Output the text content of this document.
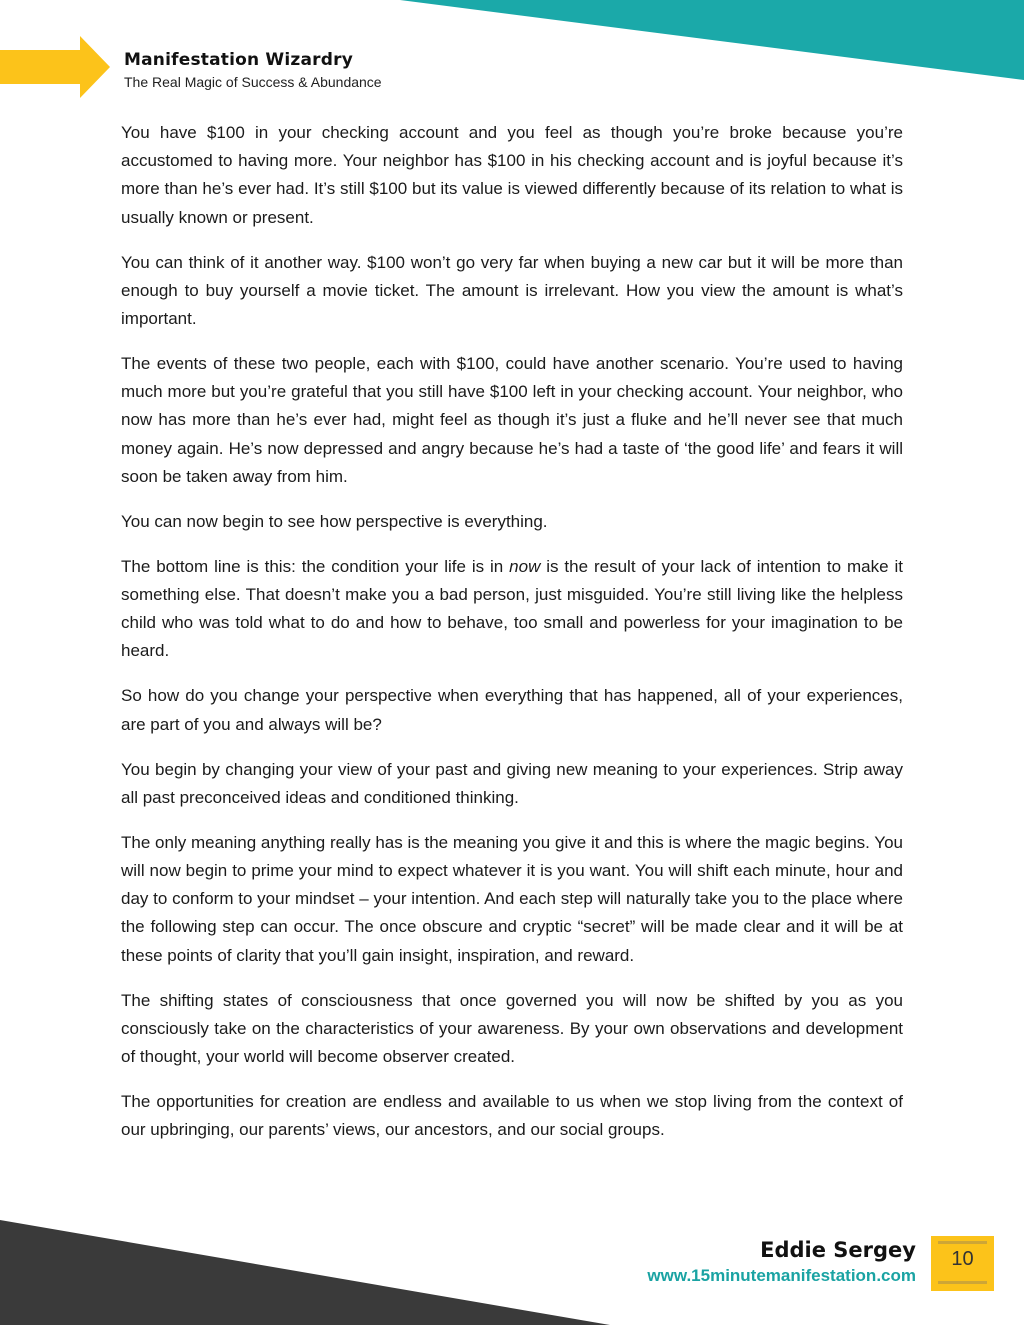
Manifestation Wizardry
The Real Magic of Success & Abundance

You have $100 in your checking account and you feel as though you’re broke because you’re accustomed to having more. Your neighbor has $100 in his checking account and is joyful because it’s more than he’s ever had. It’s still $100 but its value is viewed differently because of its relation to what is usually known or present.

You can think of it another way. $100 won’t go very far when buying a new car but it will be more than enough to buy yourself a movie ticket. The amount is irrelevant. How you view the amount is what’s important.

The events of these two people, each with $100, could have another scenario. You’re used to having much more but you’re grateful that you still have $100 left in your checking account. Your neighbor, who now has more than he’s ever had, might feel as though it’s just a fluke and he’ll never see that much money again. He’s now depressed and angry because he’s had a taste of ‘the good life’ and fears it will soon be taken away from him.

You can now begin to see how perspective is everything.

The bottom line is this: the condition your life is in now is the result of your lack of intention to make it something else. That doesn’t make you a bad person, just misguided. You’re still living like the helpless child who was told what to do and how to behave, too small and powerless for your imagination to be heard.

So how do you change your perspective when everything that has happened, all of your experiences, are part of you and always will be?

You begin by changing your view of your past and giving new meaning to your experiences. Strip away all past preconceived ideas and conditioned thinking.

The only meaning anything really has is the meaning you give it and this is where the magic begins. You will now begin to prime your mind to expect whatever it is you want. You will shift each minute, hour and day to conform to your mindset – your intention. And each step will naturally take you to the place where the following step can occur. The once obscure and cryptic “secret” will be made clear and it will be at these points of clarity that you’ll gain insight, inspiration, and reward.

The shifting states of consciousness that once governed you will now be shifted by you as you consciously take on the characteristics of your awareness. By your own observations and development of thought, your world will become observer created.

The opportunities for creation are endless and available to us when we stop living from the context of our upbringing, our parents’ views, our ancestors, and our social groups.

Eddie Sergey
www.15minutemanifestation.com
10
